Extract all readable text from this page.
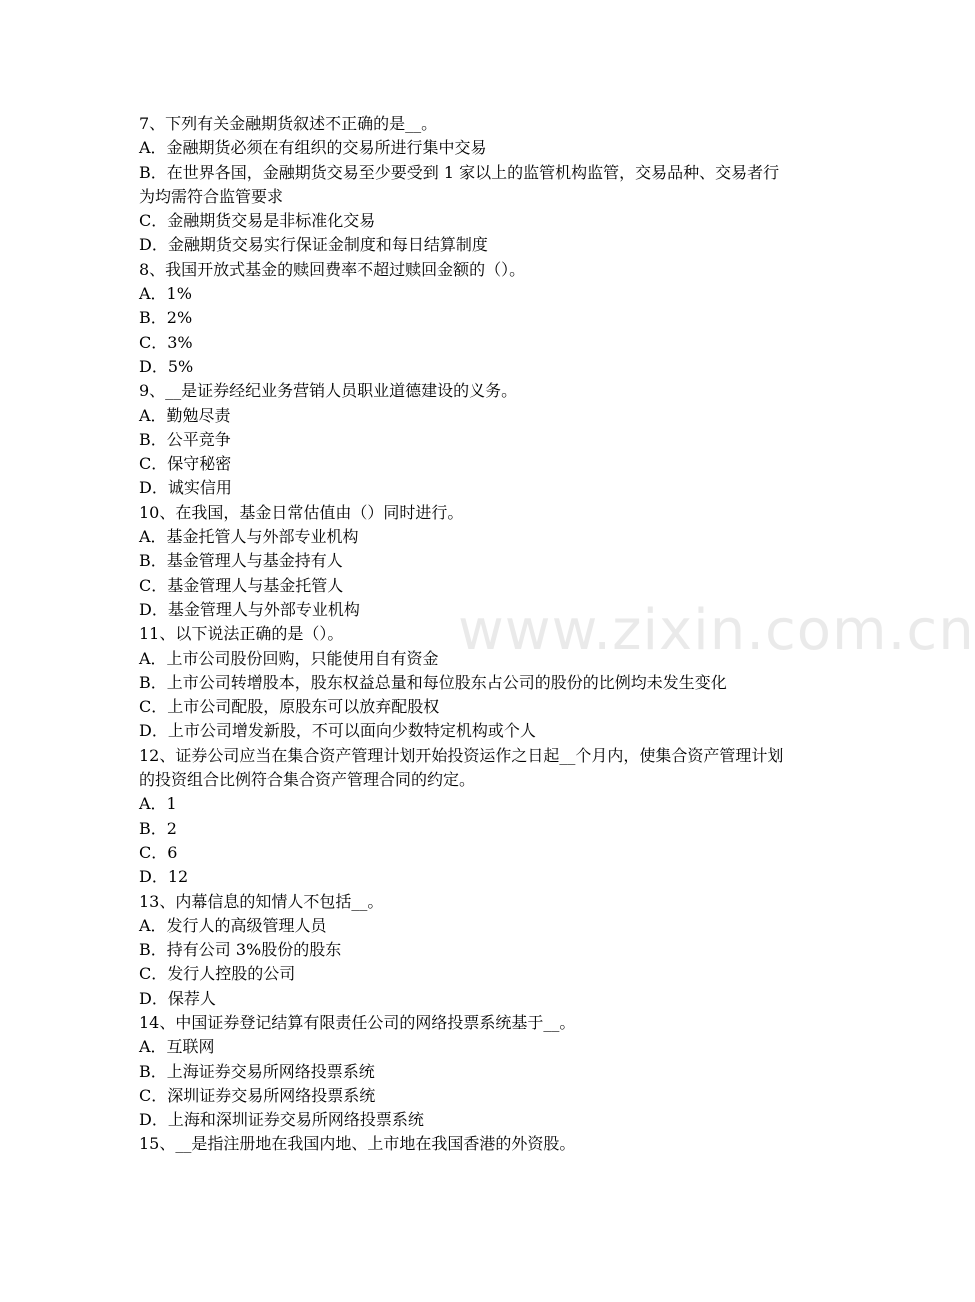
7、下列有关金融期货叙述不正确的是__。
A．金融期货必须在有组织的交易所进行集中交易
B．在世界各国，金融期货交易至少要受到 1 家以上的监管机构监管，交易品种、交易者行为均需符合监管要求
C．金融期货交易是非标准化交易
D．金融期货交易实行保证金制度和每日结算制度
8、我国开放式基金的赎回费率不超过赎回金额的（）。
A．1%
B．2%
C．3%
D．5%
9、__是证券经纪业务营销人员职业道德建设的义务。
A．勤勉尽责
B．公平竞争
C．保守秘密
D．诚实信用
10、在我国，基金日常估值由（）同时进行。
A．基金托管人与外部专业机构
B．基金管理人与基金持有人
C．基金管理人与基金托管人
D．基金管理人与外部专业机构
11、以下说法正确的是（）。
A．上市公司股份回购，只能使用自有资金
B．上市公司转增股本，股东权益总量和每位股东占公司的股份的比例均未发生变化
C．上市公司配股，原股东可以放弃配股权
D．上市公司增发新股，不可以面向少数特定机构或个人
12、证券公司应当在集合资产管理计划开始投资运作之日起__个月内，使集合资产管理计划的投资组合比例符合集合资产管理合同的约定。
A．1
B．2
C．6
D．12
13、内幕信息的知情人不包括__。
A．发行人的高级管理人员
B．持有公司 3%股份的股东
C．发行人控股的公司
D．保荐人
14、中国证券登记结算有限责任公司的网络投票系统基于__。
A．互联网
B．上海证券交易所网络投票系统
C．深圳证券交易所网络投票系统
D．上海和深圳证券交易所网络投票系统
15、__是指注册地在我国内地、上市地在我国香港的外资股。
www.zixin.com.cn
